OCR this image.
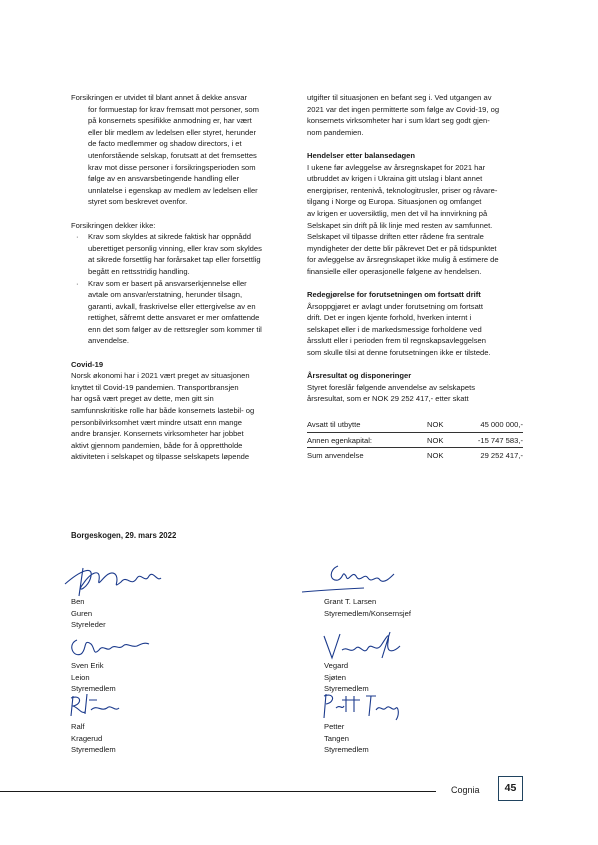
Forsikringen er utvidet til blant annet å dekke ansvar

for formuestap for krav fremsatt mot personer, som

på konsernets spesifikke anmodning er, har vært

eller blir medlem av ledelsen eller styret, herunder

de facto medlemmer og shadow directors, i et

utenforstående selskap, forutsatt at det fremsettes

krav mot disse personer i forsikringsperioden som

følge av en ansvarsbetingende handling eller

unnlatelse i egenskap av medlem av ledelsen eller

styret som beskrevet ovenfor.

Forsikringen dekker ikke:

· Krav som skyldes at sikrede faktisk har oppnådd

uberettiget personlig vinning, eller krav som skyldes

at sikrede forsettlig har forårsaket tap eller forsettlig

begått en rettsstridig handling.

· Krav som er basert på ansvarserkjennelse eller

avtale om ansvar/erstatning, herunder tilsagn,

garanti, avkall, fraskrivelse eller ettergivelse av en

rettighet, såfremt dette ansvaret er mer omfattende

enn det som følger av de rettsregler som kommer til

anvendelse.

Covid-19

Norsk økonomi har i 2021 vært preget av situasjonen

knyttet til Covid-19 pandemien. Transportbransjen

har også vært preget av dette, men gitt sin

samfunnskritiske rolle har både konsernets lastebil- og

personbilvirksomhet vært mindre utsatt enn mange

andre bransjer. Konsernets virksomheter har jobbet

aktivt gjennom pandemien, både for å opprettholde

aktiviteten i selskapet og tilpasse selskapets løpende

utgifter til situasjonen en befant seg i. Ved utgangen av

2021 var det ingen permitterte som følge av Covid-19, og

konsernets virksomheter har i sum klart seg godt gjen-

nom pandemien.

Hendelser etter balansedagen

I ukene før avleggelse av årsregnskapet for 2021 har

utbruddet av krigen i Ukraina gitt utslag i blant annet

energipriser, rentenivå, teknologitrusler, priser og råvare-

tilgang i Norge og Europa. Situasjonen og omfanget

av krigen er uoversiktlig, men det vil ha innvirkning på

Selskapet sin drift på lik linje med resten av samfunnet.

Selskapet vil tilpasse driften etter rådene fra sentrale

myndigheter der dette blir påkrevet Det er på tidspunktet

for avleggelse av årsregnskapet ikke mulig å estimere de

finansielle eller operasjonelle følgene av hendelsen.

Redegjørelse for forutsetningen om fortsatt drift

Årsoppgjøret er avlagt under forutsetning om fortsatt

drift. Det er ingen kjente forhold, hverken internt i

selskapet eller i de markedsmessige forholdene ved

årsslutt eller i perioden frem til regnskapsavleggelsen

som skulle tilsi at denne forutsetningen ikke er tilstede.

Årsresultat og disponeringer

Styret foreslår følgende anvendelse av selskapets

årsresultat, som er NOK 29 252 417,- etter skatt

Avsatt til utbytte	NOK	45 000 000,-
Annen egenkapital:	NOK	-15 747 583,-
Sum anvendelse	NOK	29 252 417,-
Borgeskogen, 29. mars 2022
Ben Guren
Styreleder
Grant T. Larsen
Styremedlem/Konsernsjef
Sven Erik Leion
Styremedlem
Vegard Sjøten
Styremedlem
Ralf Kragerud
Styremedlem
Petter Tangen
Styremedlem
Cognia	45
